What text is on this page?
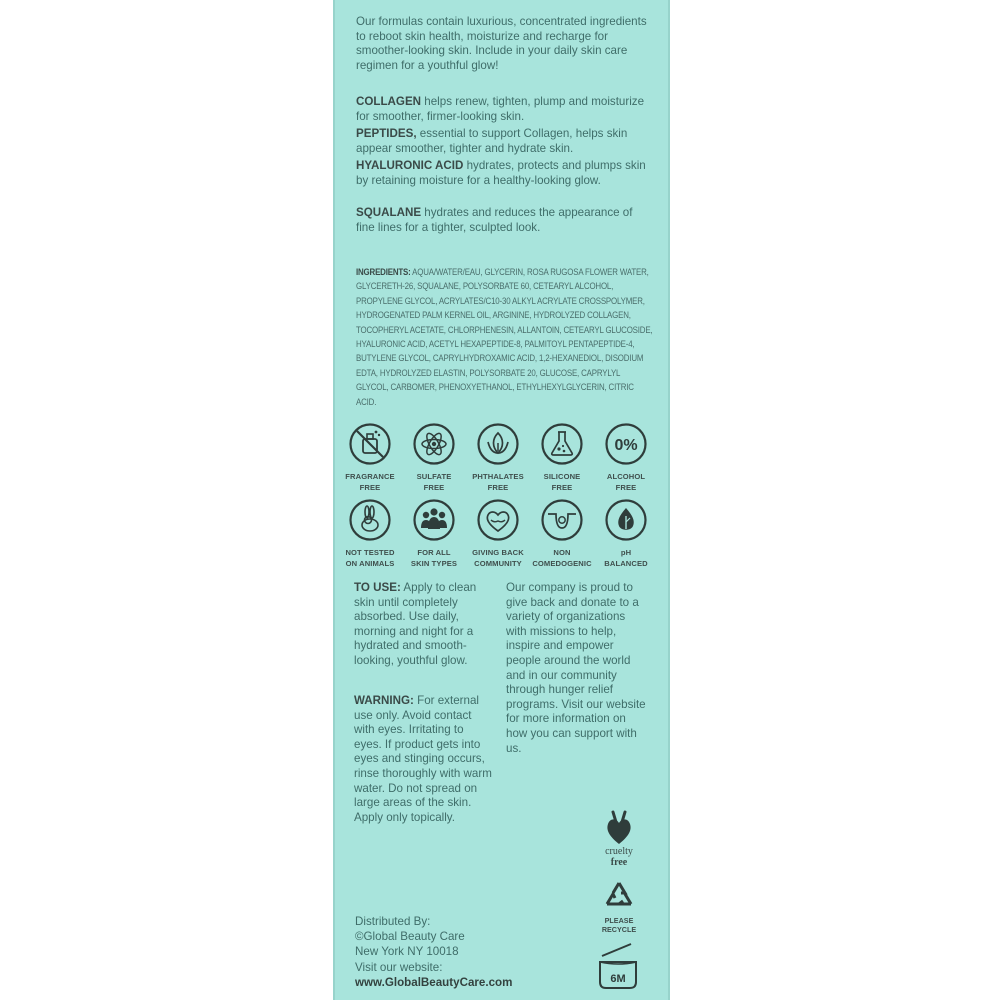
Our formulas contain luxurious, concentrated ingredients to reboot skin health, moisturize and recharge for smoother-looking skin. Include in your daily skin care regimen for a youthful glow!
COLLAGEN helps renew, tighten, plump and moisturize for smoother, firmer-looking skin.
PEPTIDES, essential to support Collagen, helps skin appear smoother, tighter and hydrate skin.
HYALURONIC ACID hydrates, protects and plumps skin by retaining moisture for a healthy-looking glow.
SQUALANE hydrates and reduces the appearance of fine lines for a tighter, sculpted look.
INGREDIENTS: AQUA/WATER/EAU, GLYCERIN, ROSA RUGOSA FLOWER WATER, GLYCERETH-26, SQUALANE, POLYSORBATE 60, CETEARYL ALCOHOL, PROPYLENE GLYCOL, ACRYLATES/C10-30 ALKYL ACRYLATE CROSSPOLYMER, HYDROGENATED PALM KERNEL OIL, ARGININE, HYDROLYZED COLLAGEN, TOCOPHERYL ACETATE, CHLORPHENESIN, ALLANTOIN, CETEARYL GLUCOSIDE, HYALURONIC ACID, ACETYL HEXAPEPTIDE-8, PALMITOYL PENTAPEPTIDE-4, BUTYLENE GLYCOL, CAPRYLHYDROXAMIC ACID, 1,2-HEXANEDIOL, DISODIUM EDTA, HYDROLYZED ELASTIN, POLYSORBATE 20, GLUCOSE, CAPRYLYL GLYCOL, CARBOMER, PHENOXYETHANOL, ETHYLHEXYLGLYCERIN, CITRIC ACID.
FRAGRANCE
FREE
SULFATE
FREE
PHTHALATES
FREE
SILICONE
FREE
0%
ALCOHOL
FREE
NOT TESTED
ON ANIMALS
FOR ALL
SKIN TYPES
GIVING BACK
COMMUNITY
NON
COMEDOGENIC
pH
BALANCED
TO USE: Apply to clean skin until completely absorbed. Use daily, morning and night for a hydrated and smooth-looking, youthful glow.
WARNING: For external use only. Avoid contact with eyes. Irritating to eyes. If product gets into eyes and stinging occurs, rinse thoroughly with warm water. Do not spread on large areas of the skin. Apply only topically.
Our company is proud to give back and donate to a variety of organizations with missions to help, inspire and empower people around the world and in our community through hunger relief programs. Visit our website for more information on how you can support with us.
cruelty
free
PLEASE
RECYCLE
6M
Distributed By:
©Global Beauty Care
New York NY 10018
Visit our website:
www.GlobalBeautyCare.com
